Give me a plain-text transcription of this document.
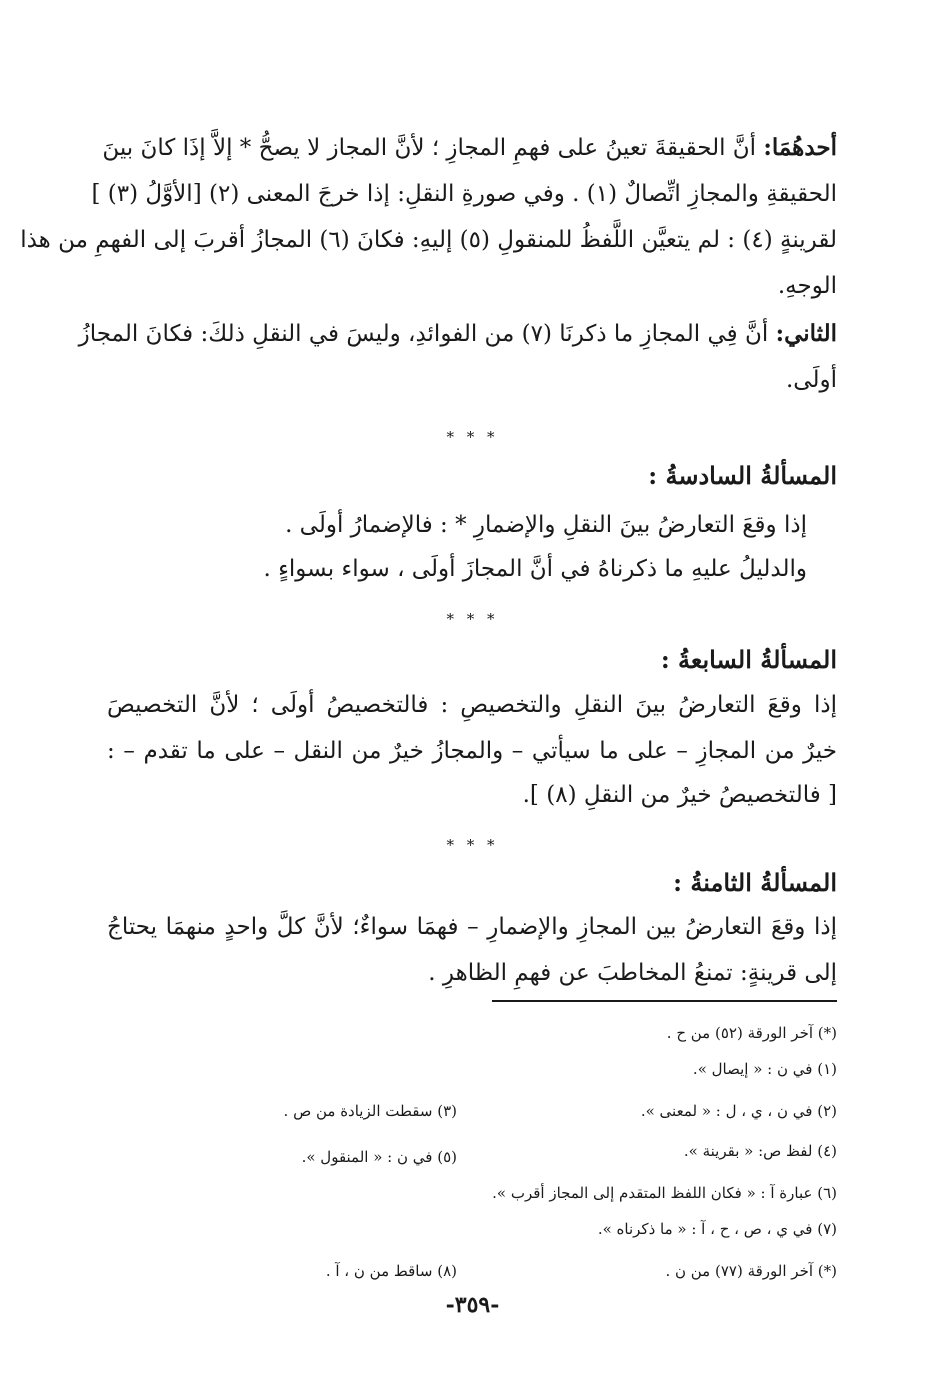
أحدهُمَا: أنَّ الحقيقةَ تعينُ على فهمِ المجازِ ؛ لأنَّ المجاز لا يصحُّ * إلاَّ إذَا كانَ بينَ
الحقيقةِ والمجازِ اتِّصالٌ (١) . وفي صورةِ النقلِ: إذا خرجَ المعنى (٢) [الأوَّلُ (٣) ]
لقرينةٍ (٤) : لم يتعيَّن اللَّفظُ للمنقولِ (٥) إليهِ: فكانَ (٦) المجازُ أقربَ إلى الفهمِ من هذا
الوجهِ.
الثاني: أنَّ فِي المجازِ ما ذكرنَا (٧) من الفوائدِ، وليسَ في النقلِ ذلكَ: فكانَ المجازُ
أولَى.
* * *
المسألةُ السادسةُ :
إذا وقعَ التعارضُ بينَ النقلِ والإضمارِ * : فالإضمارُ أولَى .
والدليلُ عليهِ ما ذكرناهُ في أنَّ المجازَ أولَى ، سواء بسواءٍ .
* * *
المسألةُ السابعةُ :
إذا وقعَ التعارضُ بينَ النقلِ والتخصيصِ : فالتخصيصُ أولَى ؛ لأنَّ التخصيصَ
خيرٌ من المجازِ – على ما سيأتي – والمجازُ خيرٌ من النقل – على ما تقدم – :
[ فالتخصيصُ خيرٌ من النقلِ (٨) ].
* * *
المسألةُ الثامنةُ :
إذا وقعَ التعارضُ بين المجازِ والإضمارِ – فهمَا سواءٌ؛ لأنَّ كلَّ واحدٍ منهمَا يحتاجُ
إلى قرينةٍ: تمنعُ المخاطبَ عن فهمِ الظاهرِ .
(*) آخر الورقة (٥٢) من ح .
(١) في ن : « إيصال ».
(٢) في ن ، ي ، ل : « لمعنى ».
(٣) سقطت الزيادة من ص .
(٤) لفظ ص: « بقرينة ».
(٥) في ن : « المنقول ».
(٦) عبارة آ : « فكان اللفظ المتقدم إلى المجاز أقرب ».
(٧) في ي ، ص ، ح ، آ : « ما ذكرناه ».
(*) آخر الورقة (٧٧) من ن .
(٨) ساقط من ن ، آ .
-٣٥٩-
